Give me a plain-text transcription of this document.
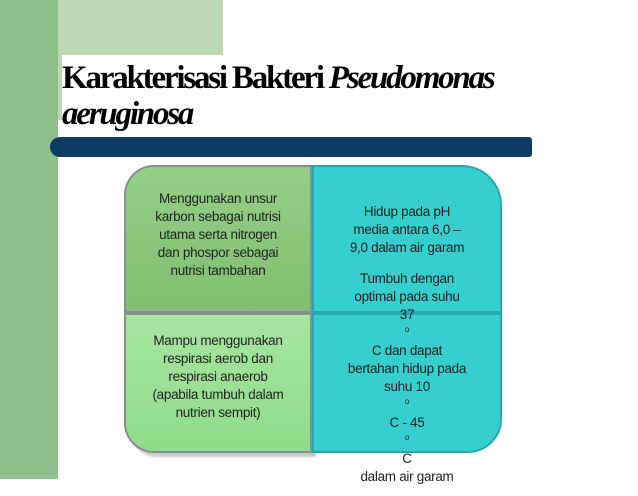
Karakterisasi Bakteri Pseudomonas
aeruginosa
Menggunakan unsur
karbon sebagai nutrisi
utama serta nitrogen
dan phospor sebagai
nutrisi tambahan
Hidup pada pH
media antara 6,0 –
9,0 dalam air garam
Mampu menggunakan
respirasi aerob dan
respirasi anaerob
(apabila tumbuh dalam
nutrien sempit)
Tumbuh dengan
optimal pada suhu
37
$^o$
C dan dapat
bertahan hidup pada
suhu 10
$^o$
C - 45
$^o$
C
dalam air garam
